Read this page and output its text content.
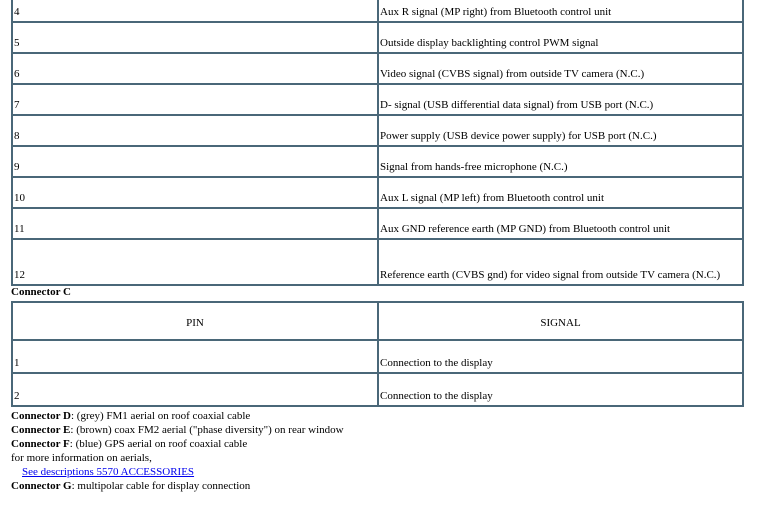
4	Aux R signal (MP right) from Bluetooth control unit
5	Outside display backlighting control PWM signal
6	Video signal (CVBS signal) from outside TV camera (N.C.)
7	D- signal (USB differential data signal) from USB port (N.C.)
8	Power supply (USB device power supply) for USB port (N.C.)
9	Signal from hands-free microphone (N.C.)
10	Aux L signal (MP left) from Bluetooth control unit
11	Aux GND reference earth (MP GND) from Bluetooth control unit
12	Reference earth (CVBS gnd) for video signal from outside TV camera (N.C.)
Connector C
PIN	SIGNAL
1	Connection to the display
2	Connection to the display
Connector D: (grey) FM1 aerial on roof coaxial cable
Connector E: (brown) coax FM2 aerial ("phase diversity") on rear window
Connector F: (blue) GPS aerial on roof coaxial cable
for more information on aerials,
See descriptions 5570 ACCESSORIES
Connector G: multipolar cable for display connection
